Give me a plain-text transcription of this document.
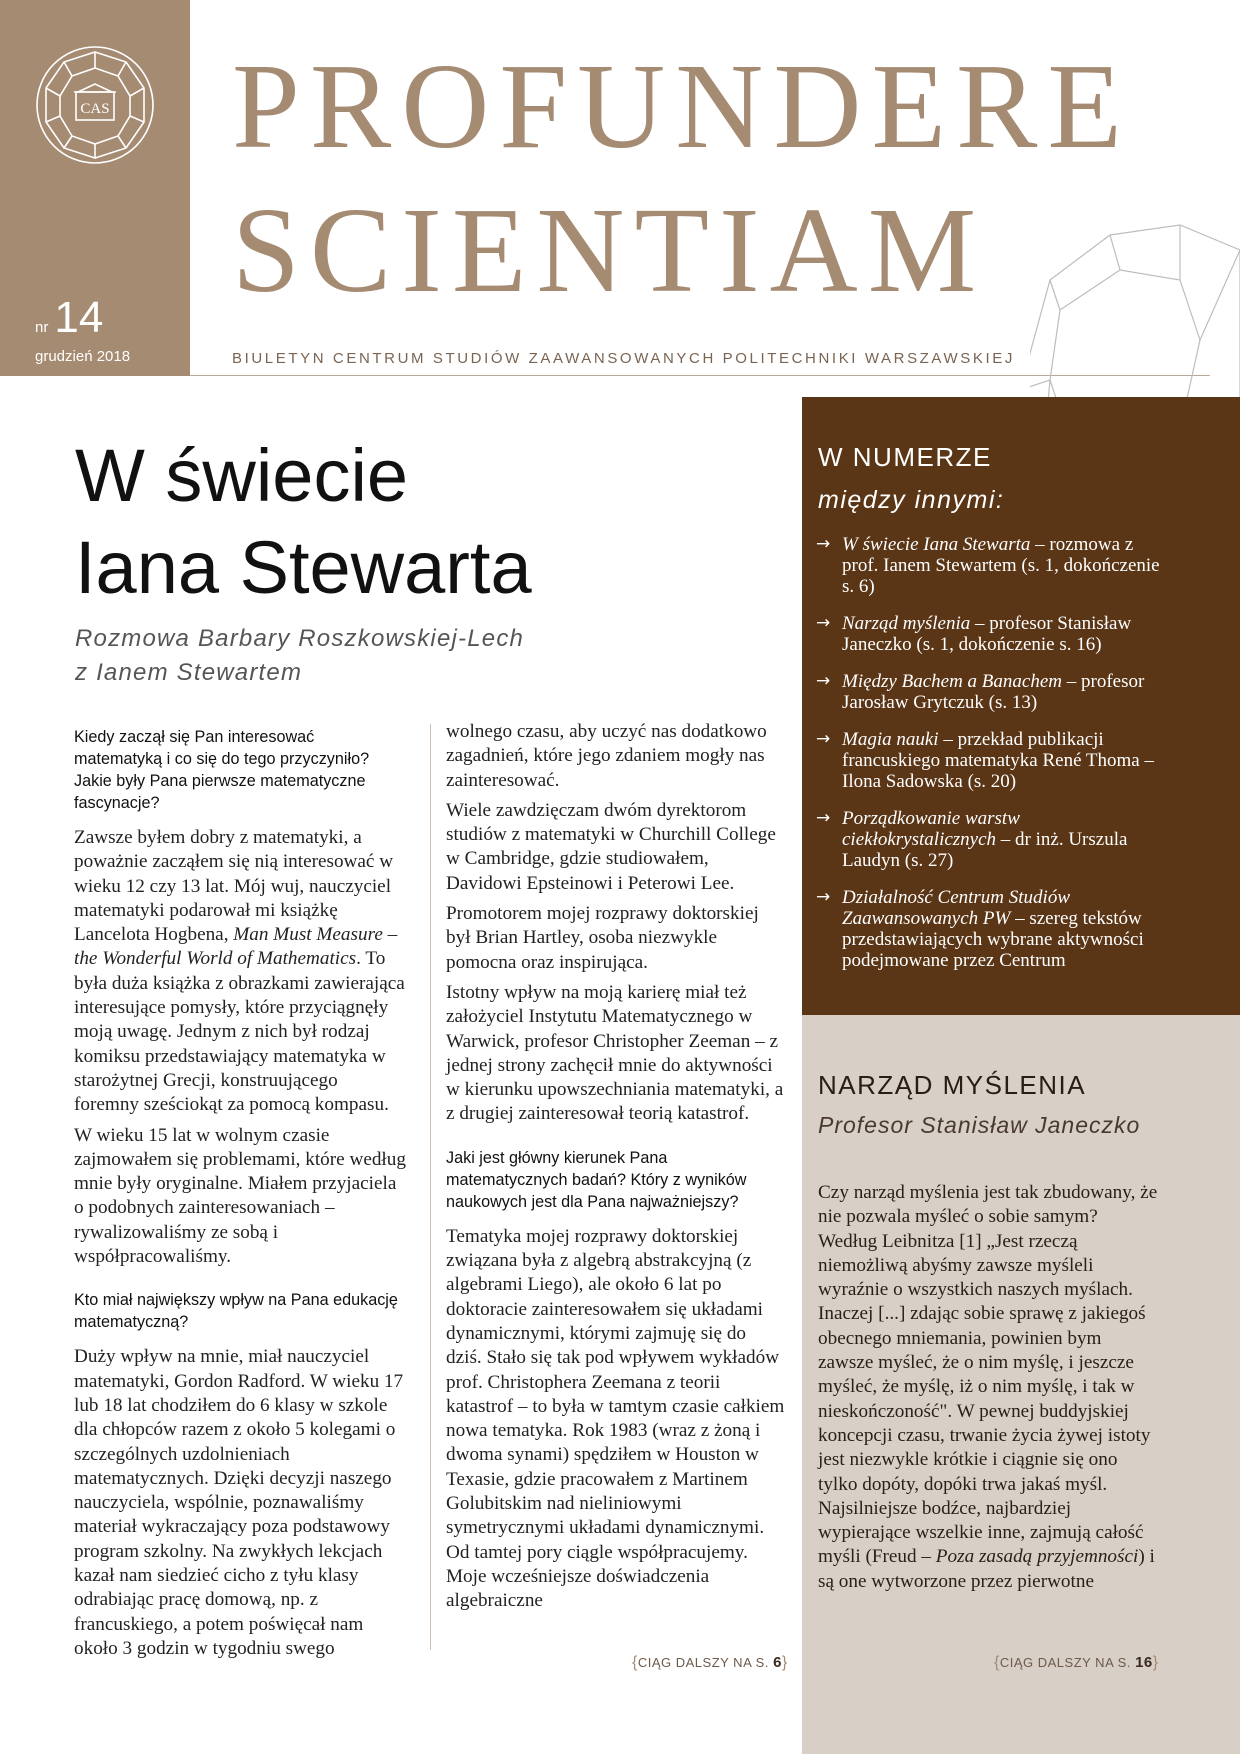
CAS
nr 14
grudzień 2018
PROFUNDERE
SCIENTIAM
BIULETYN CENTRUM STUDIÓW ZAAWANSOWANYCH POLITECHNIKI WARSZAWSKIEJ
W świecie
Iana Stewarta
Rozmowa Barbary Roszkowskiej-Lech
z Ianem Stewartem

Kiedy zaczął się Pan interesować matematyką i co się do tego przyczyniło? Jakie były Pana pierwsze matematyczne fascynacje?

Zawsze byłem dobry z matematyki, a poważnie zacząłem się nią interesować w wieku 12 czy 13 lat. Mój wuj, nauczyciel matematyki podarował mi książkę Lancelota Hogbena, Man Must Measure – the Wonderful World of Mathematics. To była duża książka z obrazkami zawierająca interesujące pomysły, które przyciągnęły moją uwagę. Jednym z nich był rodzaj komiksu przedstawiający matematyka w starożytnej Grecji, konstruującego foremny sześciokąt za pomocą kompasu.

W wieku 15 lat w wolnym czasie zajmowałem się problemami, które według mnie były oryginalne. Miałem przyjaciela o podobnych zainteresowaniach – rywalizowaliśmy ze sobą i współpracowaliśmy.

Kto miał największy wpływ na Pana edukację matematyczną?

Duży wpływ na mnie, miał nauczyciel matematyki, Gordon Radford. W wieku 17 lub 18 lat chodziłem do 6 klasy w szkole dla chłopców razem z około 5 kolegami o szczególnych uzdolnieniach matematycznych. Dzięki decyzji naszego nauczyciela, wspólnie, poznawaliśmy materiał wykraczający poza podstawowy program szkolny. Na zwykłych lekcjach kazał nam siedzieć cicho z tyłu klasy odrabiając pracę domową, np. z francuskiego, a potem poświęcał nam około 3 godzin w tygodniu swego

wolnego czasu, aby uczyć nas dodatkowo zagadnień, które jego zdaniem mogły nas zainteresować.

Wiele zawdzięczam dwóm dyrektorom studiów z matematyki w Churchill College w Cambridge, gdzie studiowałem, Davidowi Epsteinowi i Peterowi Lee.

Promotorem mojej rozprawy doktorskiej był Brian Hartley, osoba niezwykle pomocna oraz inspirująca.

Istotny wpływ na moją karierę miał też założyciel Instytutu Matematycznego w Warwick, profesor Christopher Zeeman – z jednej strony zachęcił mnie do aktywności w kierunku upowszechniania matematyki, a z drugiej zainteresował teorią katastrof.

Jaki jest główny kierunek Pana matematycznych badań? Który z wyników naukowych jest dla Pana najważniejszy?

Tematyka mojej rozprawy doktorskiej związana była z algebrą abstrakcyjną (z algebrami Liego), ale około 6 lat po doktoracie zainteresowałem się układami dynamicznymi, którymi zajmuję się do dziś. Stało się tak pod wpływem wykładów prof. Christophera Zeemana z teorii katastrof – to była w tamtym czasie całkiem nowa tematyka. Rok 1983 (wraz z żoną i dwoma synami) spędziłem w Houston w Texasie, gdzie pracowałem z Martinem Golubitskim nad nieliniowymi symetrycznymi układami dynamicznymi. Od tamtej pory ciągle współpracujemy. Moje wcześniejsze doświadczenia algebraiczne

{CIĄG DALSZY NA S. 6}
W NUMERZE
między innymi:
→ W świecie Iana Stewarta – rozmowa z prof. Ianem Stewartem (s. 1, dokończenie s. 6)
→ Narząd myślenia – profesor Stanisław Janeczko (s. 1, dokończenie s. 16)
→ Między Bachem a Banachem – profesor Jarosław Grytczuk (s. 13)
→ Magia nauki – przekład publikacji francuskiego matematyka René Thoma – Ilona Sadowska (s. 20)
→ Porządkowanie warstw ciekłokrystalicznych – dr inż. Urszula Laudyn (s. 27)
→ Działalność Centrum Studiów Zaawansowanych PW – szereg tekstów przedstawiających wybrane aktywności podejmowane przez Centrum
NARZĄD MYŚLENIA
Profesor Stanisław Janeczko
Czy narząd myślenia jest tak zbudowany, że nie pozwala myśleć o sobie samym? Według Leibnitza [1] „Jest rzeczą niemożliwą abyśmy zawsze myśleli wyraźnie o wszystkich naszych myślach. Inaczej [...] zdając sobie sprawę z jakiegoś obecnego mniemania, powinien bym zawsze myśleć, że o nim myślę, i jeszcze myśleć, że myślę, iż o nim myślę, i tak w nieskończoność". W pewnej buddyjskiej koncepcji czasu, trwanie życia żywej istoty jest niezwykle krótkie i ciągnie się ono tylko dopóty, dopóki trwa jakaś myśl. Najsilniejsze bodźce, najbardziej wypierające wszelkie inne, zajmują całość myśli (Freud – Poza zasadą przyjemności) i są one wytworzone przez pierwotne
{CIĄG DALSZY NA S. 16}
